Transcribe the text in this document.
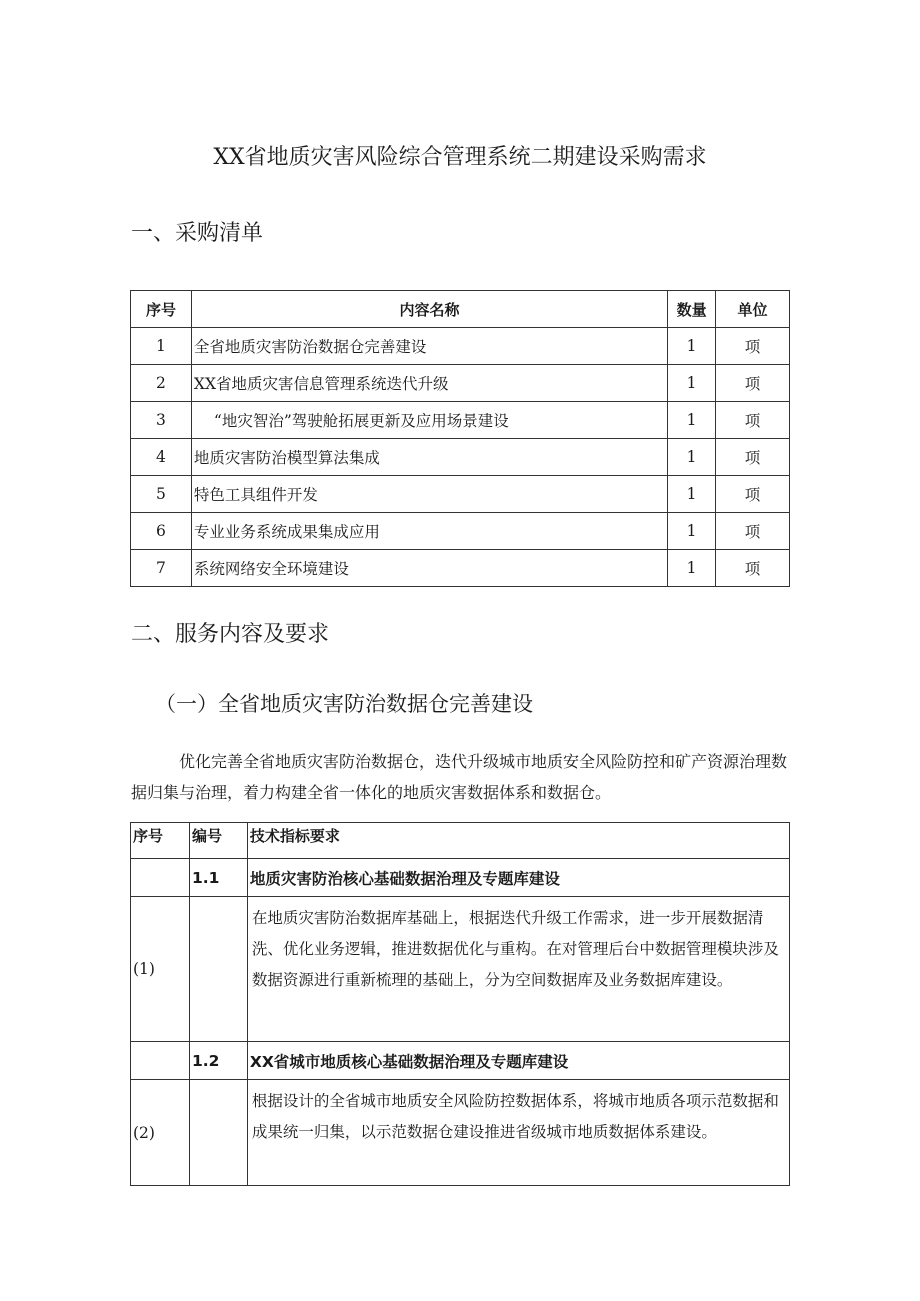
XX省地质灾害风险综合管理系统二期建设采购需求
一、采购清单
序号	内容名称	数量	单位
1	全省地质灾害防治数据仓完善建设	1	项
2	XX省地质灾害信息管理系统迭代升级	1	项
3	“地灾智治”驾驶舱拓展更新及应用场景建设	1	项
4	地质灾害防治模型算法集成	1	项
5	特色工具组件开发	1	项
6	专业业务系统成果集成应用	1	项
7	系统网络安全环境建设	1	项
二、服务内容及要求
（一）全省地质灾害防治数据仓完善建设
优化完善全省地质灾害防治数据仓，迭代升级城市地质安全风险防控和矿产资源治理数据归集与治理，着力构建全省一体化的地质灾害数据体系和数据仓。
序号	编号	技术指标要求
	1.1	地质灾害防治核心基础数据治理及专题库建设
(1)		在地质灾害防治数据库基础上，根据迭代升级工作需求，进一步开展数据清洗、优化业务逻辑，推进数据优化与重构。在对管理后台中数据管理模块涉及数据资源进行重新梳理的基础上，分为空间数据库及业务数据库建设。
	1.2	XX省城市地质核心基础数据治理及专题库建设
(2)		根据设计的全省城市地质安全风险防控数据体系，将城市地质各项示范数据和成果统一归集，以示范数据仓建设推进省级城市地质数据体系建设。
